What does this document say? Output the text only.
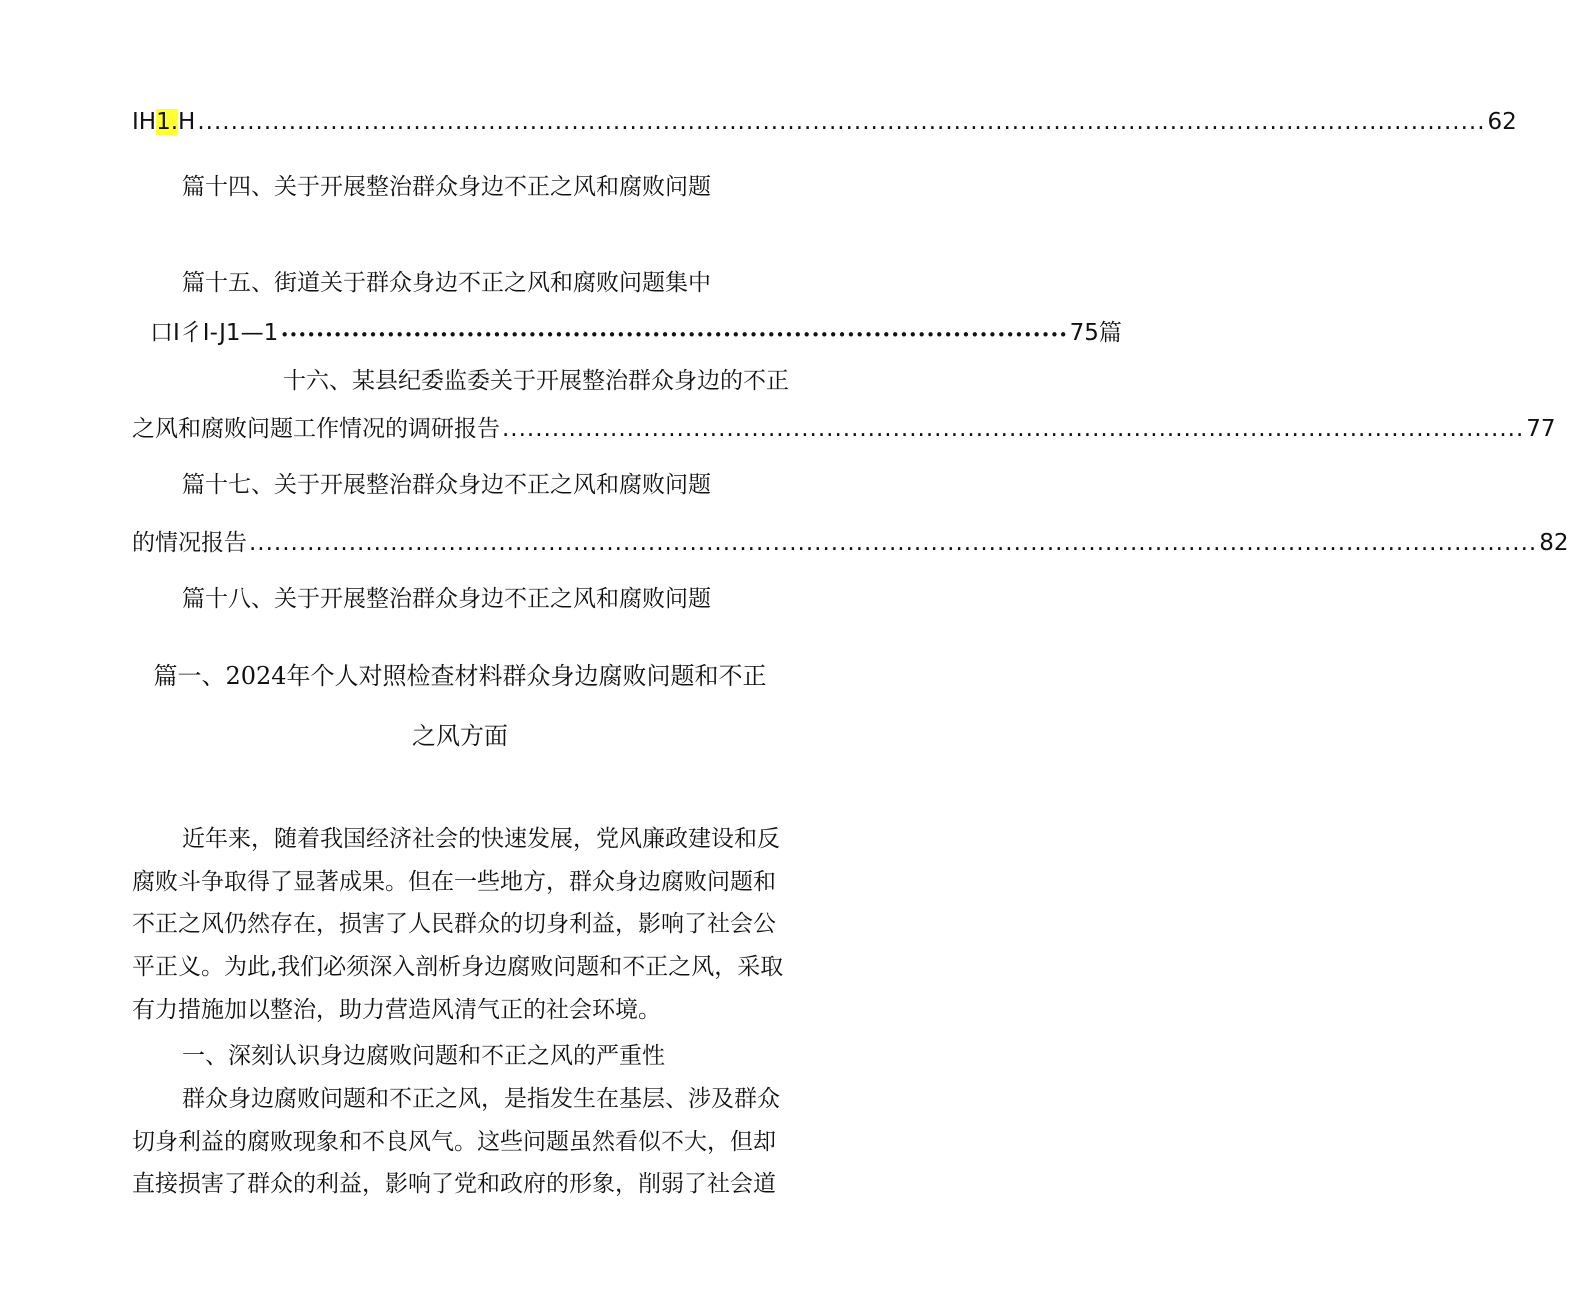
IH1.H ........................................................................................................................................................... 62
篇十四、关于开展整治群众身边不正之风和腐败问题
篇十五、街道关于群众身边不正之风和腐败问题集中
口I彳I-J1—1 ••••••••••••••••••••••••••••••••••••••••••••••••••••••••••••••••••••••••••••••••••••••••• 75篇
十六、某县纪委监委关于开展整治群众身边的不正
之风和腐败问题工作情况的调研报告 ........................................................................................................................... 77
篇十七、关于开展整治群众身边不正之风和腐败问题
的情况报告 ........................................................................................................................................................... 82
篇十八、关于开展整治群众身边不正之风和腐败问题
篇一、2024年个人对照检查材料群众身边腐败问题和不正
之风方面
近年来，随着我国经济社会的快速发展，党风廉政建设和反
腐败斗争取得了显著成果。但在一些地方，群众身边腐败问题和
不正之风仍然存在，损害了人民群众的切身利益，影响了社会公
平正义。为此,我们必须深入剖析身边腐败问题和不正之风，采取
有力措施加以整治，助力营造风清气正的社会环境。
一、深刻认识身边腐败问题和不正之风的严重性
群众身边腐败问题和不正之风，是指发生在基层、涉及群众
切身利益的腐败现象和不良风气。这些问题虽然看似不大，但却
直接损害了群众的利益，影响了党和政府的形象，削弱了社会道
